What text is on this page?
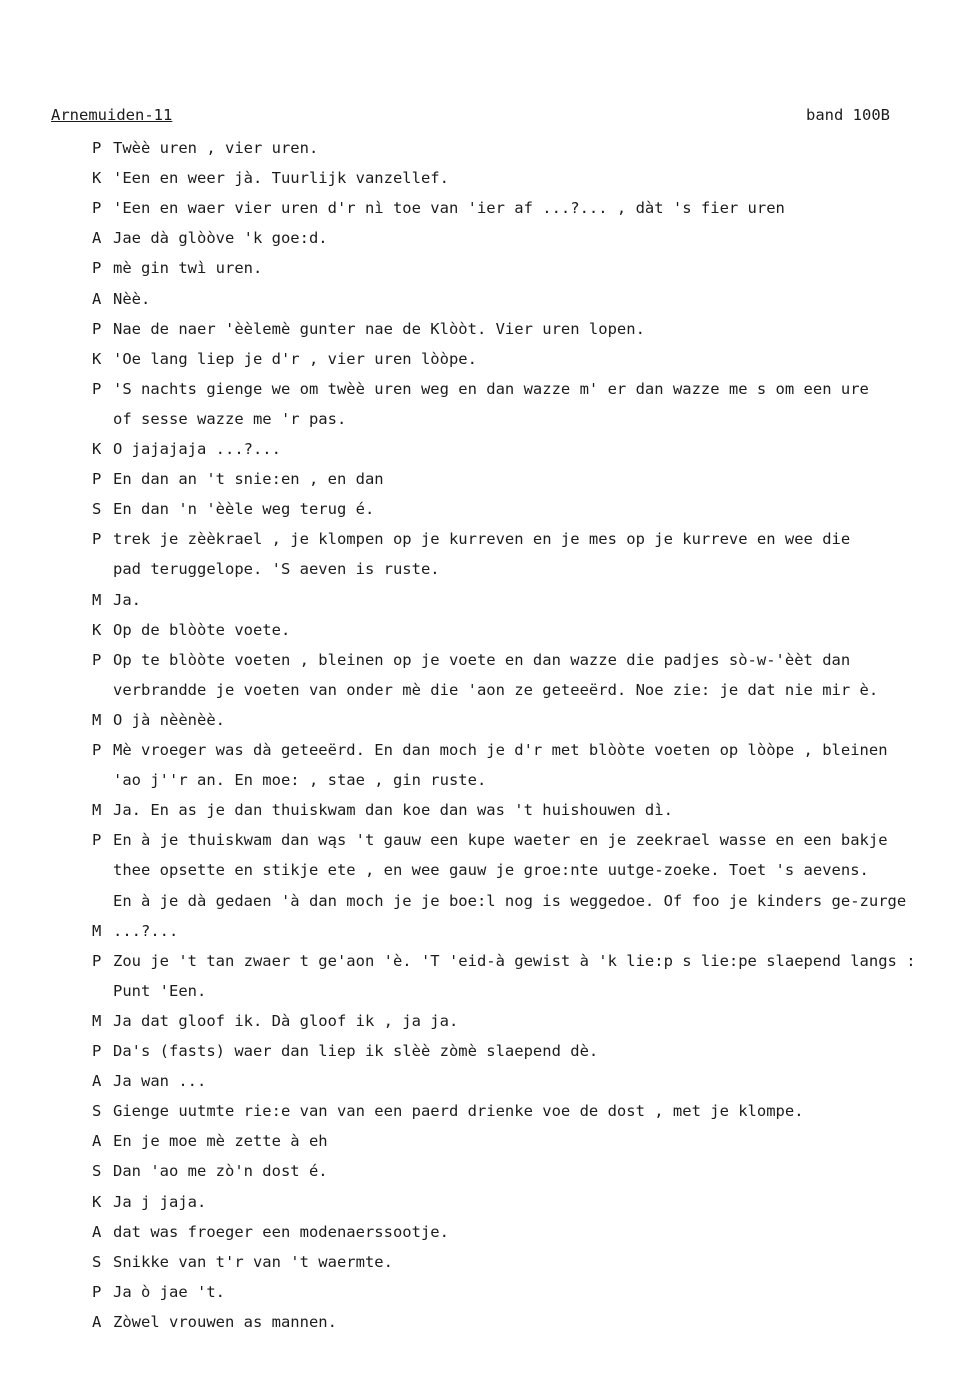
Arnemuiden-11	band 100B
P Twèè uren , vier uren.
K 'Een en weer jà. Tuurlijk vanzellef.
P 'Een en waer vier uren d'r nì toe van 'ier af ...?... , dàt 's fier uren
A Jae dà glòòve 'k goe:d.
P mè gin twì uren.
A Nèè.
P Nae de naer 'èèlemè gunter nae de Klòòt. Vier uren lopen.
K 'Oe lang liep je d'r , vier uren lòòpe.
P 'S nachts gienge we om twèè uren weg en dan wazze m' er dan wazze me s om een ure
of sesse wazze me 'r pas.
K O jajajaja ...?...
P En dan an 't snie:en , en dan
S En dan 'n 'èèle weg terug é.
P trek je zèèkrael , je klompen op je kurreven en je mes op je kurreve en wee die
pad teruggelope. 'S aeven is ruste.
M Ja.
K Op de blòòte voete.
P Op te blòòte voeten , bleinen op je voete en dan wazze die padjes sò-w-'èèt dan
verbrandde je voeten van onder mè die 'aon ze geteeërd. Noe zie: je dat nie mir è.
M O jà nèènèè.
P Mè vroeger was dà geteeërd. En dan moch je d'r met blòòte voeten op lòòpe , bleinen
'ao j''r an. En moe: , stae , gin ruste.
M Ja. En as je dan thuiskwam dan koe dan was 't huishouwen dì.
P En à je thuiskwam dan wąs 't gauw een kupe waeter en je zeekrael wasse en een bakje
thee opsette en stikje ete , en wee gauw je groe:nte uutge-zoeke. Toet 's aevens.
En à je dà gedaen 'à dan moch je je boe:l nog is weggedoe. Of foo je kinders ge-zurge
M ...?...
P Zou je 't tan zwaer t ge'aon 'è. 'T 'eid-à gewist à 'k lie:p s lie:pe slaepend langs :
Punt 'Een.
M Ja dat gloof ik. Dà gloof ik , ja ja.
P Da's (fasts) waer dan liep ik slèè zòmè slaepend dè.
A Ja wan ...
S Gienge uutmte rie:e van van een paerd drienke voe de dost , met je klompe.
A En je moe mè zette à eh
S Dan 'ao me zò'n dost é.
K Ja j jaja.
A dat was froeger een modenaerssootje.
S Snikke van t'r van 't waermte.
P Ja ò jae 't.
A Zòwel vrouwen as mannen.
